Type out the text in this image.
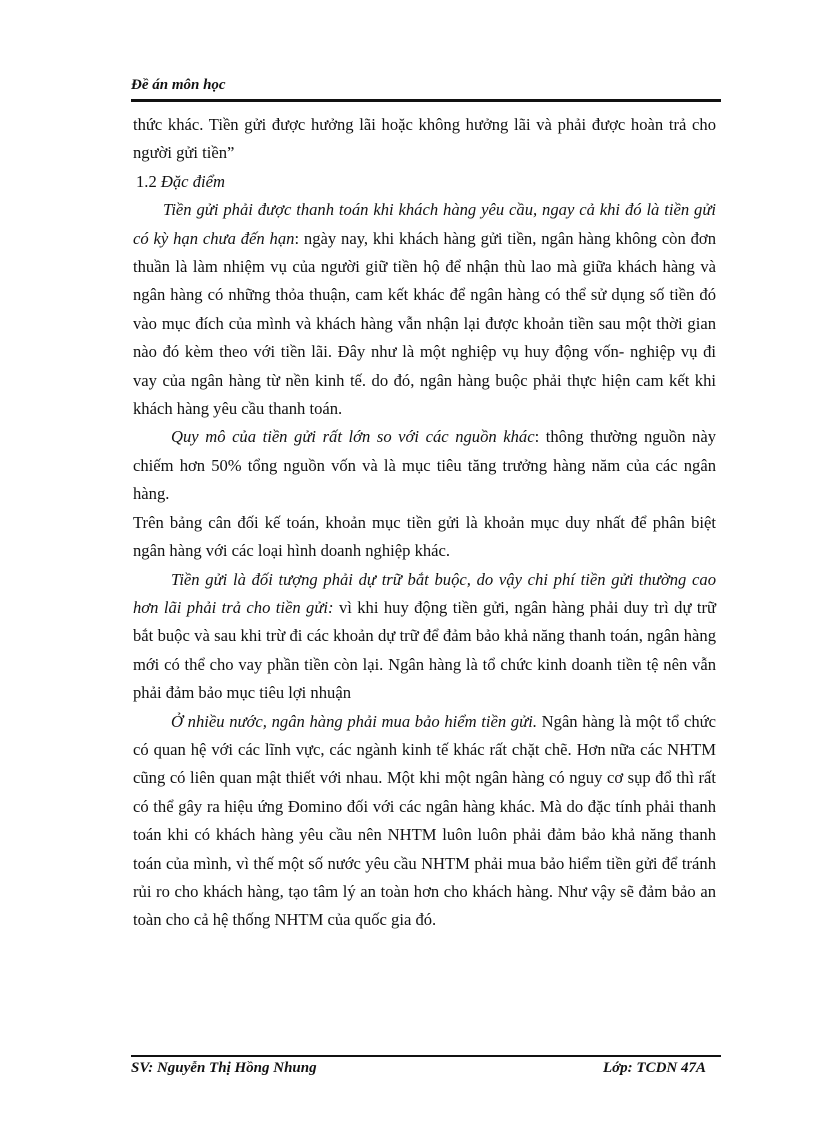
Đề án môn học

thức khác. Tiền gửi được hưởng lãi hoặc không hưởng lãi và phải được hoàn trả cho người gửi tiền”

1.2 Đặc điểm

Tiền gửi phải được thanh toán khi khách hàng yêu cầu, ngay cả khi đó là tiền gửi có kỳ hạn chưa đến hạn: ngày nay, khi khách hàng gửi tiền, ngân hàng không còn đơn thuần là làm nhiệm vụ của người giữ tiền hộ để nhận thù lao mà giữa khách hàng và ngân hàng có những thỏa thuận, cam kết khác để ngân hàng có thể sử dụng số tiền đó vào mục đích của mình và khách hàng vẫn nhận lại được khoản tiền sau một thời gian nào đó kèm theo với tiền lãi. Đây như là một nghiệp vụ huy động vốn- nghiệp vụ đi vay của ngân hàng từ nền kinh tế. do đó, ngân hàng buộc phải thực hiện cam kết khi khách hàng yêu cầu thanh toán.

Quy mô của tiền gửi rất lớn so với các nguồn khác: thông thường nguồn này chiếm hơn 50% tổng nguồn vốn và là mục tiêu tăng trưởng hàng năm của các ngân hàng.

Trên bảng cân đối kế toán, khoản mục tiền gửi là khoản mục duy nhất để phân biệt ngân hàng với các loại hình doanh nghiệp khác.

Tiền gửi là đối tượng phải dự trữ bắt buộc, do vậy chi phí tiền gửi thường cao hơn lãi phải trả cho tiền gửi: vì khi huy động tiền gửi, ngân hàng phải duy trì dự trữ bắt buộc và sau khi trừ đi các khoản dự trữ để đảm bảo khả năng thanh toán, ngân hàng mới có thể cho vay phần tiền còn lại. Ngân hàng là tổ chức kinh doanh tiền tệ nên vẫn phải đảm bảo mục tiêu lợi nhuận

Ở nhiều nước, ngân hàng phải mua bảo hiểm tiền gửi. Ngân hàng là một tổ chức có quan hệ với các lĩnh vực, các ngành kinh tế khác rất chặt chẽ. Hơn nữa các NHTM cũng có liên quan mật thiết với nhau. Một khi một ngân hàng có nguy cơ sụp đổ thì rất có thể gây ra hiệu ứng Đomino đối với các ngân hàng khác. Mà do đặc tính phải thanh toán khi có khách hàng yêu cầu nên NHTM luôn luôn phải đảm bảo khả năng thanh toán của mình, vì thế một số nước yêu cầu NHTM phải mua bảo hiểm tiền gửi để tránh rủi ro cho khách hàng, tạo tâm lý an toàn hơn cho khách hàng. Như vậy sẽ đảm bảo an toàn cho cả hệ thống NHTM của quốc gia đó.

SV: Nguyễn Thị Hồng Nhung	Lớp: TCDN 47A
